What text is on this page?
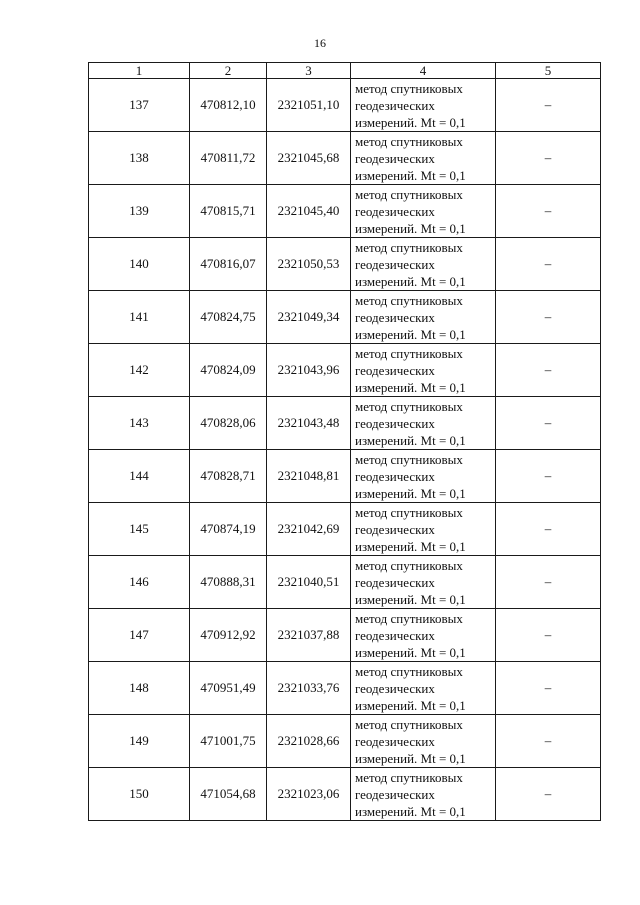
16
1	2	3	4	5
137	470812,10	2321051,10	метод спутниковых
геодезических
измерений. Mt = 0,1	–
138	470811,72	2321045,68	метод спутниковых
геодезических
измерений. Mt = 0,1	–
139	470815,71	2321045,40	метод спутниковых
геодезических
измерений. Mt = 0,1	–
140	470816,07	2321050,53	метод спутниковых
геодезических
измерений. Mt = 0,1	–
141	470824,75	2321049,34	метод спутниковых
геодезических
измерений. Mt = 0,1	–
142	470824,09	2321043,96	метод спутниковых
геодезических
измерений. Mt = 0,1	–
143	470828,06	2321043,48	метод спутниковых
геодезических
измерений. Mt = 0,1	–
144	470828,71	2321048,81	метод спутниковых
геодезических
измерений. Mt = 0,1	–
145	470874,19	2321042,69	метод спутниковых
геодезических
измерений. Mt = 0,1	–
146	470888,31	2321040,51	метод спутниковых
геодезических
измерений. Mt = 0,1	–
147	470912,92	2321037,88	метод спутниковых
геодезических
измерений. Mt = 0,1	–
148	470951,49	2321033,76	метод спутниковых
геодезических
измерений. Mt = 0,1	–
149	471001,75	2321028,66	метод спутниковых
геодезических
измерений. Mt = 0,1	–
150	471054,68	2321023,06	метод спутниковых
геодезических
измерений. Mt = 0,1	–
